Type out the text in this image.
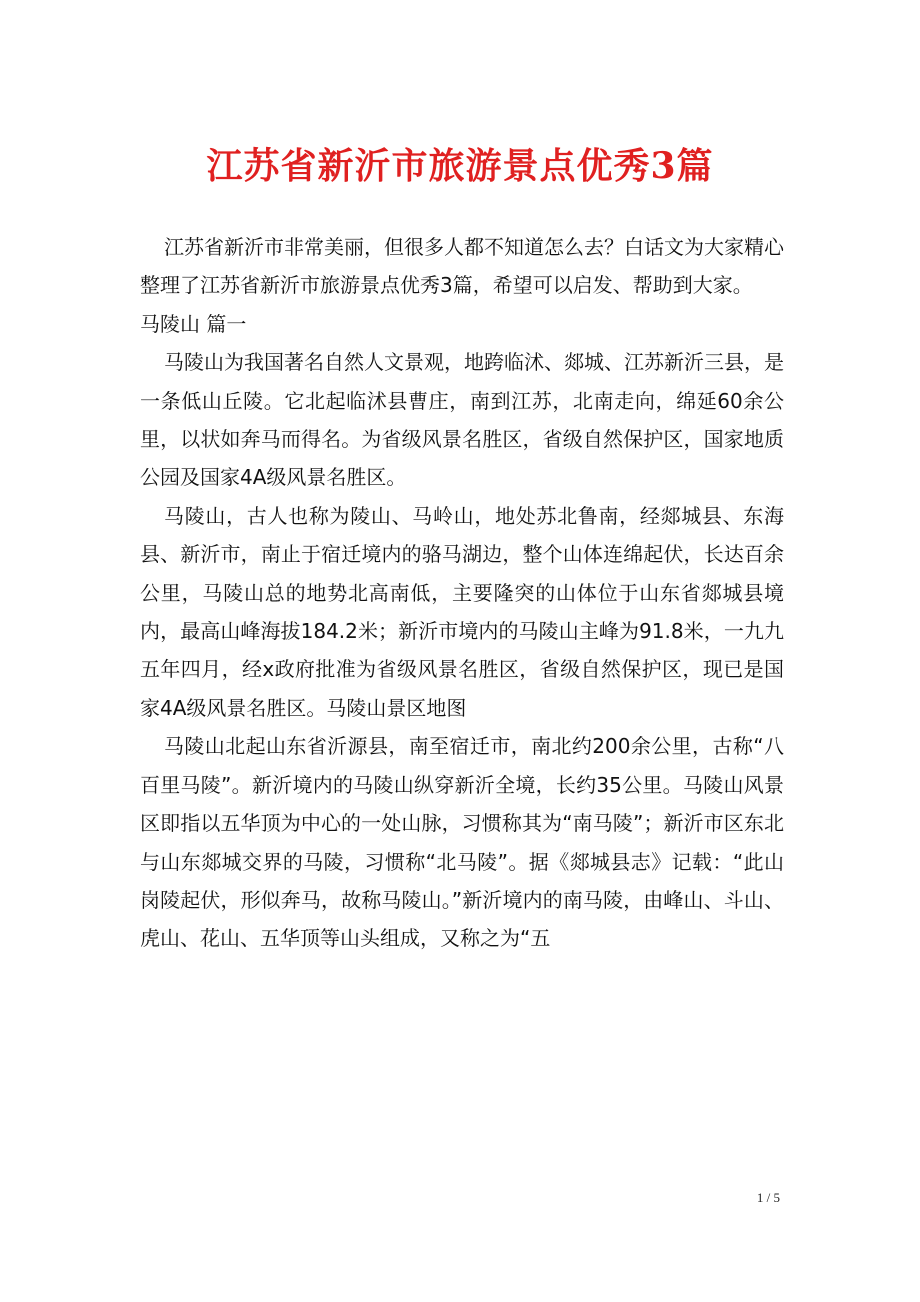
江苏省新沂市旅游景点优秀3篇

江苏省新沂市非常美丽，但很多人都不知道怎么去？白话文为大家精心整理了江苏省新沂市旅游景点优秀3篇，希望可以启发、帮助到大家。

马陵山 篇一

马陵山为我国著名自然人文景观，地跨临沭、郯城、江苏新沂三县，是一条低山丘陵。它北起临沭县曹庄，南到江苏，北南走向，绵延60余公里，以状如奔马而得名。为省级风景名胜区，省级自然保护区，国家地质公园及国家4A级风景名胜区。

马陵山，古人也称为陵山、马岭山，地处苏北鲁南，经郯城县、东海县、新沂市，南止于宿迁境内的骆马湖边，整个山体连绵起伏，长达百余公里，马陵山总的地势北高南低，主要隆突的山体位于山东省郯城县境内，最高山峰海拔184.2米；新沂市境内的马陵山主峰为91.8米，一九九五年四月，经x政府批准为省级风景名胜区，省级自然保护区，现已是国家4A级风景名胜区。马陵山景区地图

马陵山北起山东省沂源县，南至宿迁市，南北约200余公里，古称“八百里马陵”。新沂境内的马陵山纵穿新沂全境，长约35公里。马陵山风景区即指以五华顶为中心的一处山脉，习惯称其为“南马陵”；新沂市区东北与山东郯城交界的马陵，习惯称“北马陵”。据《郯城县志》记载：“此山岗陵起伏，形似奔马，故称马陵山。”新沂境内的南马陵，由峰山、斗山、虎山、花山、五华顶等山头组成，又称之为“五

1 / 5
